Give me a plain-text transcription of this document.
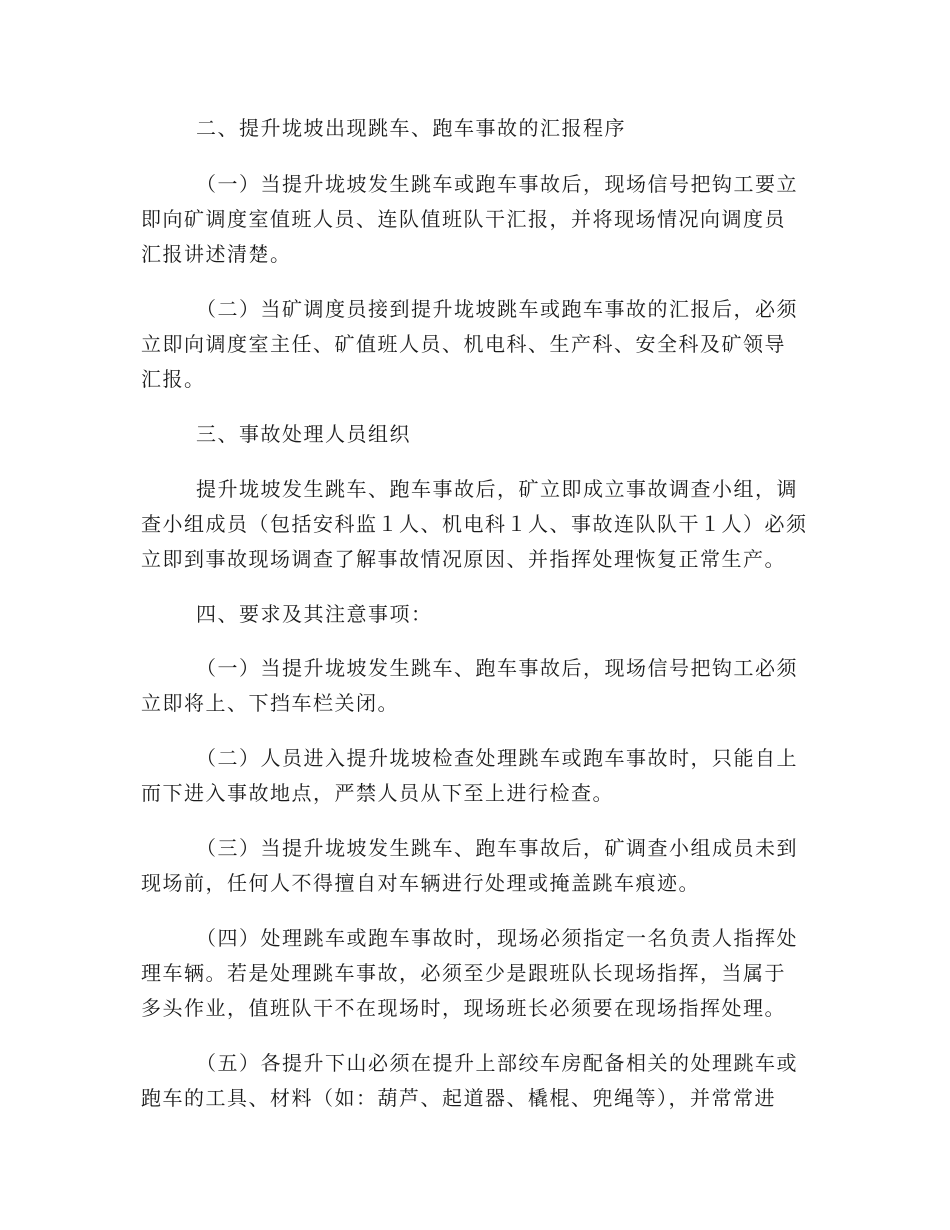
二、提升垅坡出现跳车、跑车事故的汇报程序
（一）当提升垅坡发生跳车或跑车事故后，现场信号把钩工要立
即向矿调度室值班人员、连队值班队干汇报，并将现场情况向调度员
汇报讲述清楚。
（二）当矿调度员接到提升垅坡跳车或跑车事故的汇报后，必须
立即向调度室主任、矿值班人员、机电科、生产科、安全科及矿领导
汇报。
三、事故处理人员组织
提升垅坡发生跳车、跑车事故后，矿立即成立事故调查小组，调
查小组成员（包括安科监１人、机电科１人、事故连队队干１人）必须
立即到事故现场调查了解事故情况原因、并指挥处理恢复正常生产。
四、要求及其注意事项：
（一）当提升垅坡发生跳车、跑车事故后，现场信号把钩工必须
立即将上、下挡车栏关闭。
（二）人员进入提升垅坡检查处理跳车或跑车事故时，只能自上
而下进入事故地点，严禁人员从下至上进行检查。
（三）当提升垅坡发生跳车、跑车事故后，矿调查小组成员未到
现场前，任何人不得擅自对车辆进行处理或掩盖跳车痕迹。
（四）处理跳车或跑车事故时，现场必须指定一名负责人指挥处
理车辆。若是处理跳车事故，必须至少是跟班队长现场指挥，当属于
多头作业，值班队干不在现场时，现场班长必须要在现场指挥处理。
（五）各提升下山必须在提升上部绞车房配备相关的处理跳车或
跑车的工具、材料（如：葫芦、起道器、橇棍、兜绳等），并常常进
